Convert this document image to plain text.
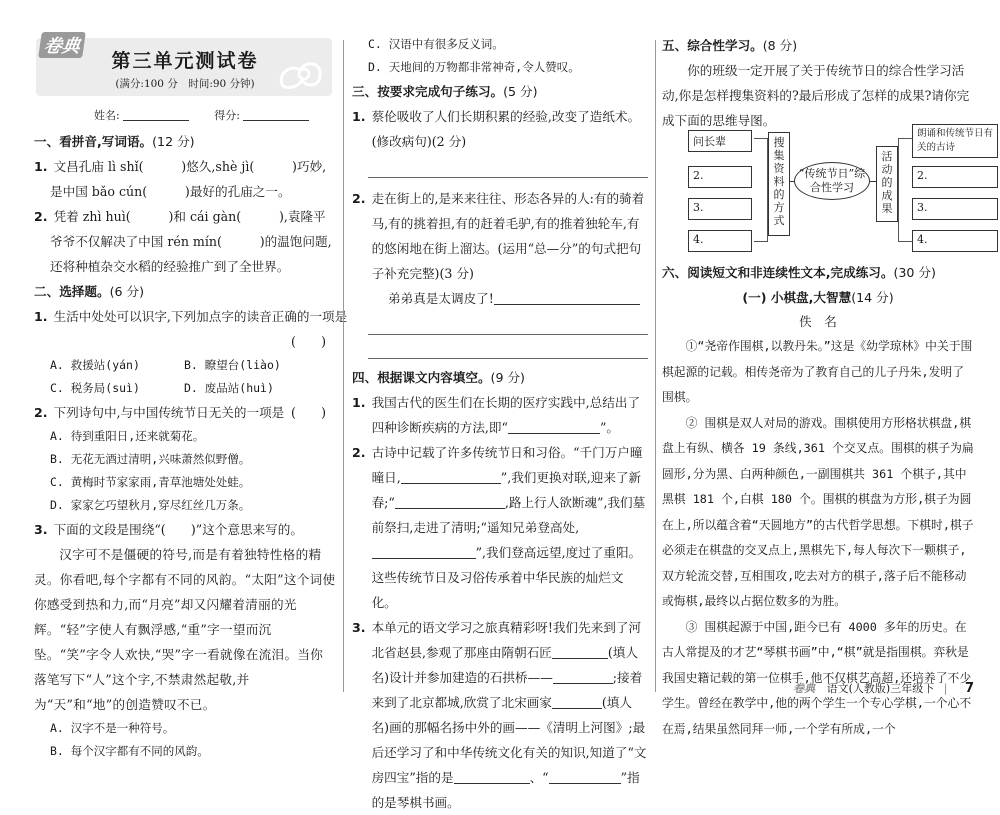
卷典
第三单元测试卷
(满分:100 分　时间:90 分钟)
姓名:	得分:

一、看拼音,写词语。(12 分)

1. 文昌孔庙 lì shǐ(　　　)悠久,shè jì(　　　)巧妙,

是中国 bǎo cún(　　　)最好的孔庙之一。

2. 凭着 zhì huì(　　　)和 cái gàn(　　　),袁隆平

爷爷不仅解决了中国 rén mín(　　　)的温饱问题,

还将种植杂交水稻的经验推广到了全世界。

二、选择题。(6 分)

1. 生活中处处可以识字,下列加点字的读音正确的一项是

(　　)

A. 救援站(yán)	B. 瞭望台(liào)

C. 税务局(suì)	D. 废品站(huì)

2. 下列诗句中,与中国传统节日无关的一项是 (　　)

A. 待到重阳日,还来就菊花。

B. 无花无酒过清明,兴味萧然似野僧。

C. 黄梅时节家家雨,青草池塘处处蛙。

D. 家家乞巧望秋月,穿尽红丝几万条。

3. 下面的文段是围绕“(　　)”这个意思来写的。

汉字可不是僵硬的符号,而是有着独特性格的精灵。你看吧,每个字都有不同的风韵。“太阳”这个词使你感受到热和力,而“月亮”却又闪耀着清丽的光辉。“轻”字使人有飘浮感,“重”字一望而沉坠。“笑”字令人欢快,“哭”字一看就像在流泪。当你落笔写下“人”这个字,不禁肃然起敬,并为“天”和“地”的创造赞叹不已。

A. 汉字不是一种符号。

B. 每个汉字都有不同的风韵。

C. 汉语中有很多反义词。

D. 天地间的万物都非常神奇,令人赞叹。

三、按要求完成句子练习。(5 分)

1. 蔡伦吸收了人们长期积累的经验,改变了造纸术。(修改病句)(2 分)

2. 走在街上的,是来来往往、形态各异的人:有的骑着马,有的挑着担,有的赶着毛驴,有的推着独轮车,有的悠闲地在街上溜达。(运用“总—分”的句式把句子补充完整)(3 分)

弟弟真是太调皮了!

四、根据课文内容填空。(9 分)

1. 我国古代的医生们在长期的医疗实践中,总结出了四种诊断疾病的方法,即“	”。

2. 古诗中记载了许多传统节日和习俗。“千门万户曈曈日,	”,我们更换对联,迎来了新春;“	,路上行人欲断魂”,我们墓前祭扫,走进了清明;“遥知兄弟登高处,”,我们登高远望,度过了重阳。这些传统节日及习俗传承着中华民族的灿烂文化。

3. 本单元的语文学习之旅真精彩呀!我们先来到了河北省赵县,参观了那座由隋朝石匠	(填人名)设计并参加建造的石拱桥——	;接着来到了北京都城,欣赏了北宋画家	(填人名)画的那幅名扬中外的画——《清明上河图》;最后还学习了和中华传统文化有关的知识,知道了“文房四宝”指的是	、“	”指的是琴棋书画。

五、综合性学习。(8 分)

你的班级一定开展了关于传统节日的综合性学习活动,你是怎样搜集资料的?最后形成了怎样的成果?请你完成下面的思维导图。

问长辈
2.
3.
4.
搜集资料的方式
“传统节日”综合性学习
活动的成果
朗诵和传统节日有关的古诗
2.
3.
4.

六、阅读短文和非连续性文本,完成练习。(30 分)

(一) 小棋盘,大智慧(14 分)

佚　名

①“尧帝作围棋,以教丹朱。”这是《幼学琼林》中关于围棋起源的记载。相传尧帝为了教育自己的儿子丹朱,发明了围棋。

② 围棋是双人对局的游戏。围棋使用方形格状棋盘,棋盘上有纵、横各 19 条线,361 个交叉点。围棋的棋子为扁圆形,分为黑、白两种颜色,一副围棋共 361 个棋子,其中黑棋 181 个,白棋 180 个。围棋的棋盘为方形,棋子为圆在上,所以蕴含着“天圆地方”的古代哲学思想。下棋时,棋子必须走在棋盘的交叉点上,黑棋先下,每人每次下一颗棋子,双方轮流交替,互相围攻,吃去对方的棋子,落子后不能移动或悔棋,最终以占据位数多的为胜。

③ 围棋起源于中国,距今已有 4000 多年的历史。在古人常提及的才艺“琴棋书画”中,“棋”就是指围棋。弈秋是我国史籍记载的第一位棋手,他不仅棋艺高超,还培养了不少学生。曾经在教学中,他的两个学生一个专心学棋,一个心不在焉,结果虽然同拜一师,一个学有所成,一个

卷典 语文(人教版)三年级下 | 7
